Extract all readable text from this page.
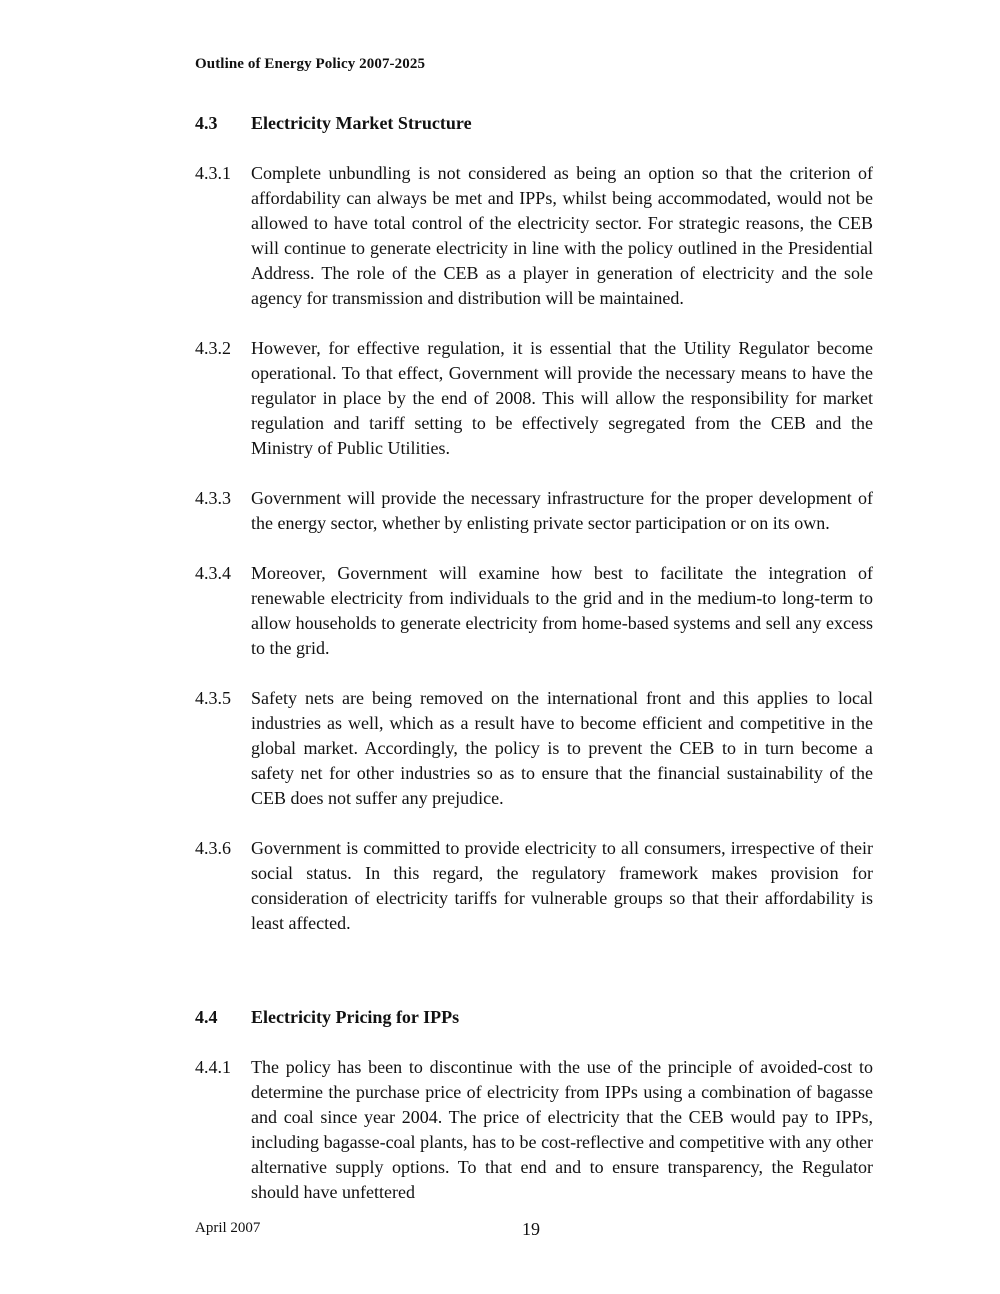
Outline of Energy Policy 2007-2025
4.3	Electricity Market Structure
4.3.1	Complete unbundling is not considered as being an option so that the criterion of affordability can always be met and IPPs, whilst being accommodated, would not be allowed to have total control of the electricity sector. For strategic reasons, the CEB will continue to generate electricity in line with the policy outlined in the Presidential Address. The role of the CEB as a player in generation of electricity and the sole agency for transmission and distribution will be maintained.
4.3.2	However, for effective regulation, it is essential that the Utility Regulator become operational. To that effect, Government will provide the necessary means to have the regulator in place by the end of 2008. This will allow the responsibility for market regulation and tariff setting to be effectively segregated from the CEB and the Ministry of Public Utilities.
4.3.3	Government will provide the necessary infrastructure for the proper development of the energy sector, whether by enlisting private sector participation or on its own.
4.3.4	Moreover, Government will examine how best to facilitate the integration of renewable electricity from individuals to the grid and in the medium-to long-term to allow households to generate electricity from home-based systems and sell any excess to the grid.
4.3.5	Safety nets are being removed on the international front and this applies to local industries as well, which as a result have to become efficient and competitive in the global market. Accordingly, the policy is to prevent the CEB to in turn become a safety net for other industries so as to ensure that the financial sustainability of the CEB does not suffer any prejudice.
4.3.6	Government is committed to provide electricity to all consumers, irrespective of their social status. In this regard, the regulatory framework makes provision for consideration of electricity tariffs for vulnerable groups so that their affordability is least affected.
4.4	Electricity Pricing for IPPs
4.4.1	The policy has been to discontinue with the use of the principle of avoided-cost to determine the purchase price of electricity from IPPs using a combination of bagasse and coal since year 2004. The price of electricity that the CEB would pay to IPPs, including bagasse-coal plants, has to be cost-reflective and competitive with any other alternative supply options. To that end and to ensure transparency, the Regulator should have unfettered
April 2007	19
